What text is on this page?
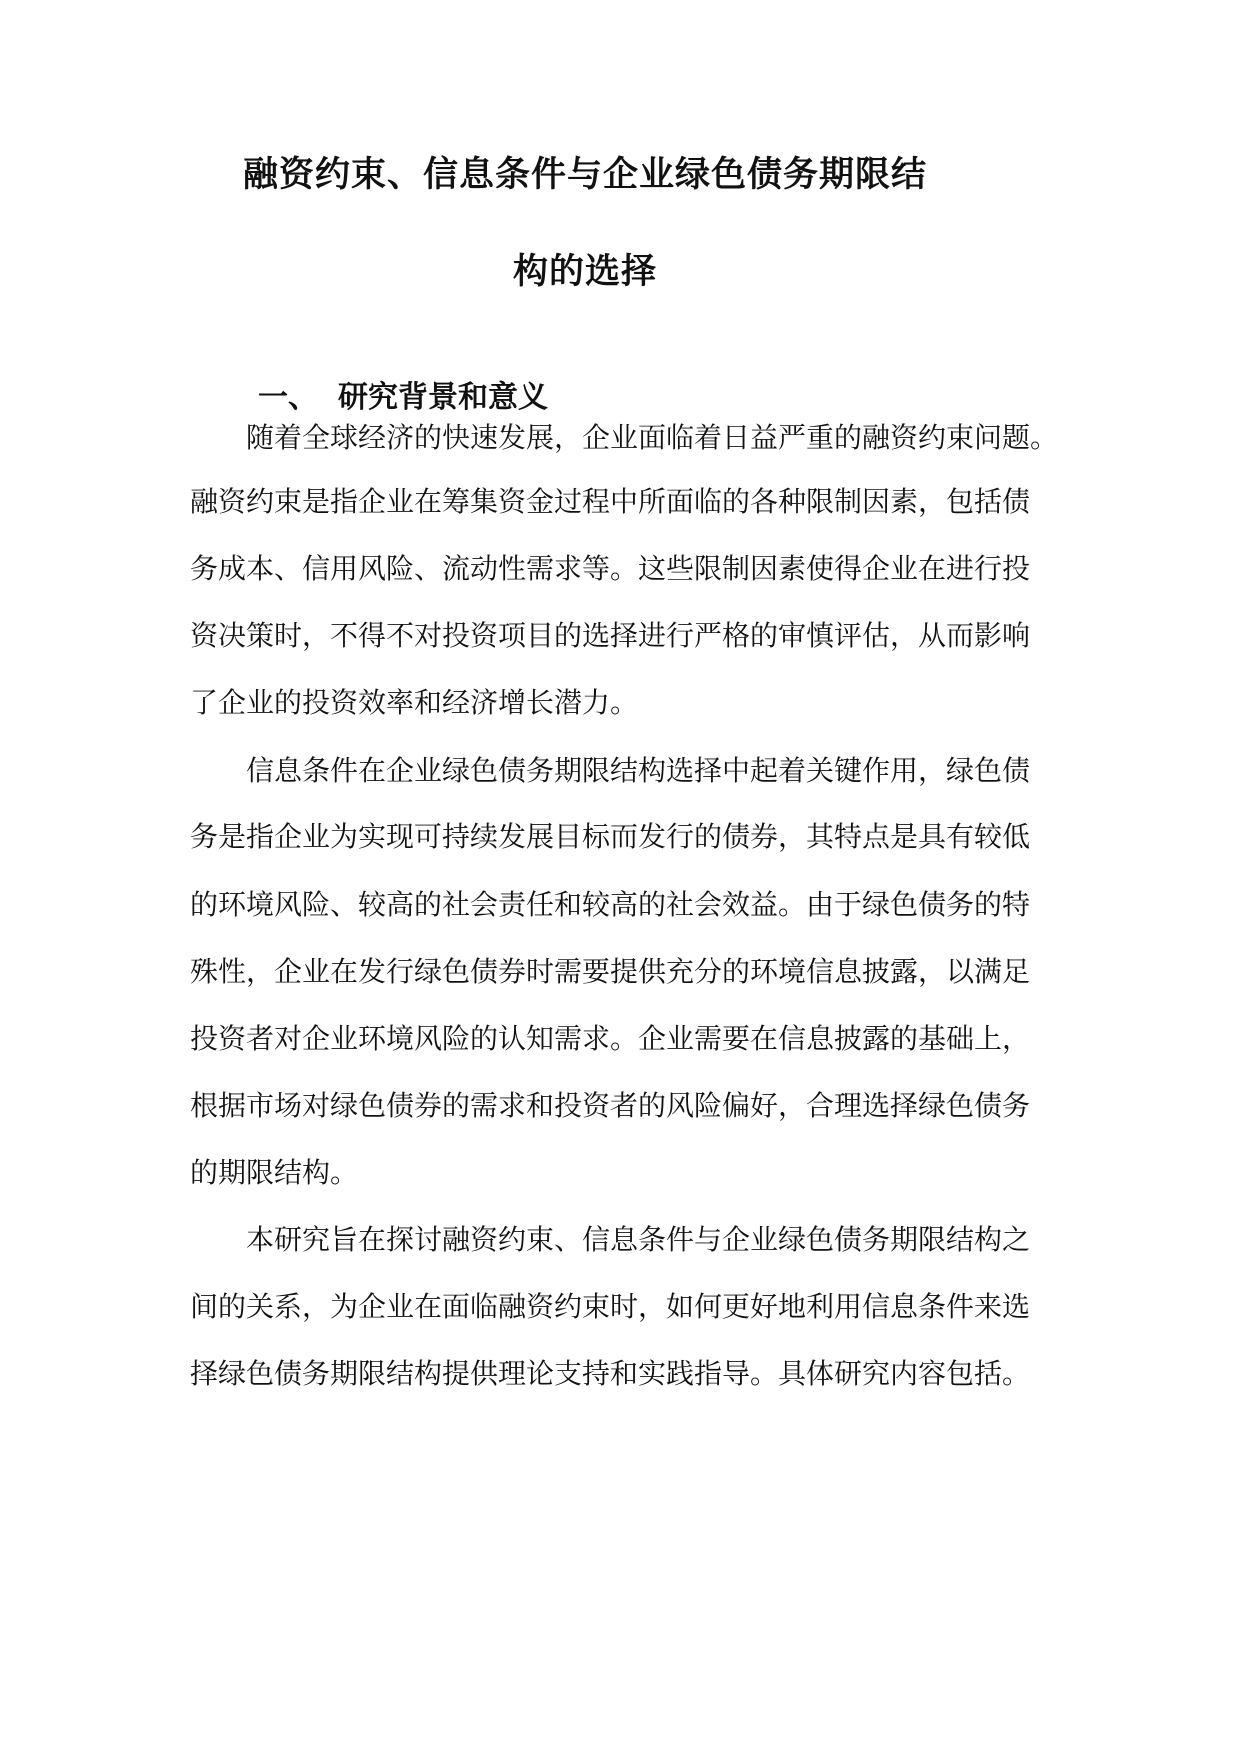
融资约束、信息条件与企业绿色债务期限结
构的选择
一、 研究背景和意义

随着全球经济的快速发展，企业面临着日益严重的融资约束问题。

融资约束是指企业在筹集资金过程中所面临的各种限制因素，包括债

务成本、信用风险、流动性需求等。这些限制因素使得企业在进行投

资决策时，不得不对投资项目的选择进行严格的审慎评估，从而影响

了企业的投资效率和经济增长潜力。

信息条件在企业绿色债务期限结构选择中起着关键作用，绿色债

务是指企业为实现可持续发展目标而发行的债券，其特点是具有较低

的环境风险、较高的社会责任和较高的社会效益。由于绿色债务的特

殊性，企业在发行绿色债券时需要提供充分的环境信息披露，以满足

投资者对企业环境风险的认知需求。企业需要在信息披露的基础上，

根据市场对绿色债券的需求和投资者的风险偏好，合理选择绿色债务

的期限结构。

本研究旨在探讨融资约束、信息条件与企业绿色债务期限结构之

间的关系，为企业在面临融资约束时，如何更好地利用信息条件来选

择绿色债务期限结构提供理论支持和实践指导。具体研究内容包括。
